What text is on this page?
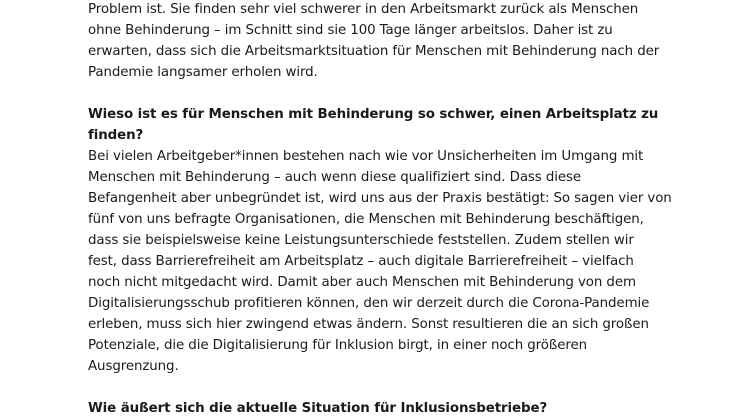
Problem ist. Sie finden sehr viel schwerer in den Arbeitsmarkt zurück als Menschen
ohne Behinderung – im Schnitt sind sie 100 Tage länger arbeitslos. Daher ist zu
erwarten, dass sich die Arbeitsmarktsituation für Menschen mit Behinderung nach der
Pandemie langsamer erholen wird.
Wieso ist es für Menschen mit Behinderung so schwer, einen Arbeitsplatz zu
finden?
Bei vielen Arbeitgeber*innen bestehen nach wie vor Unsicherheiten im Umgang mit
Menschen mit Behinderung – auch wenn diese qualifiziert sind. Dass diese
Befangenheit aber unbegründet ist, wird uns aus der Praxis bestätigt: So sagen vier von
fünf von uns befragte Organisationen, die Menschen mit Behinderung beschäftigen,
dass sie beispielsweise keine Leistungsunterschiede feststellen. Zudem stellen wir
fest, dass Barrierefreiheit am Arbeitsplatz – auch digitale Barrierefreiheit – vielfach
noch nicht mitgedacht wird. Damit aber auch Menschen mit Behinderung von dem
Digitalisierungsschub profitieren können, den wir derzeit durch die Corona-Pandemie
erleben, muss sich hier zwingend etwas ändern. Sonst resultieren die an sich großen
Potenziale, die die Digitalisierung für Inklusion birgt, in einer noch größeren
Ausgrenzung.
Wie äußert sich die aktuelle Situation für Inklusionsbetriebe?
